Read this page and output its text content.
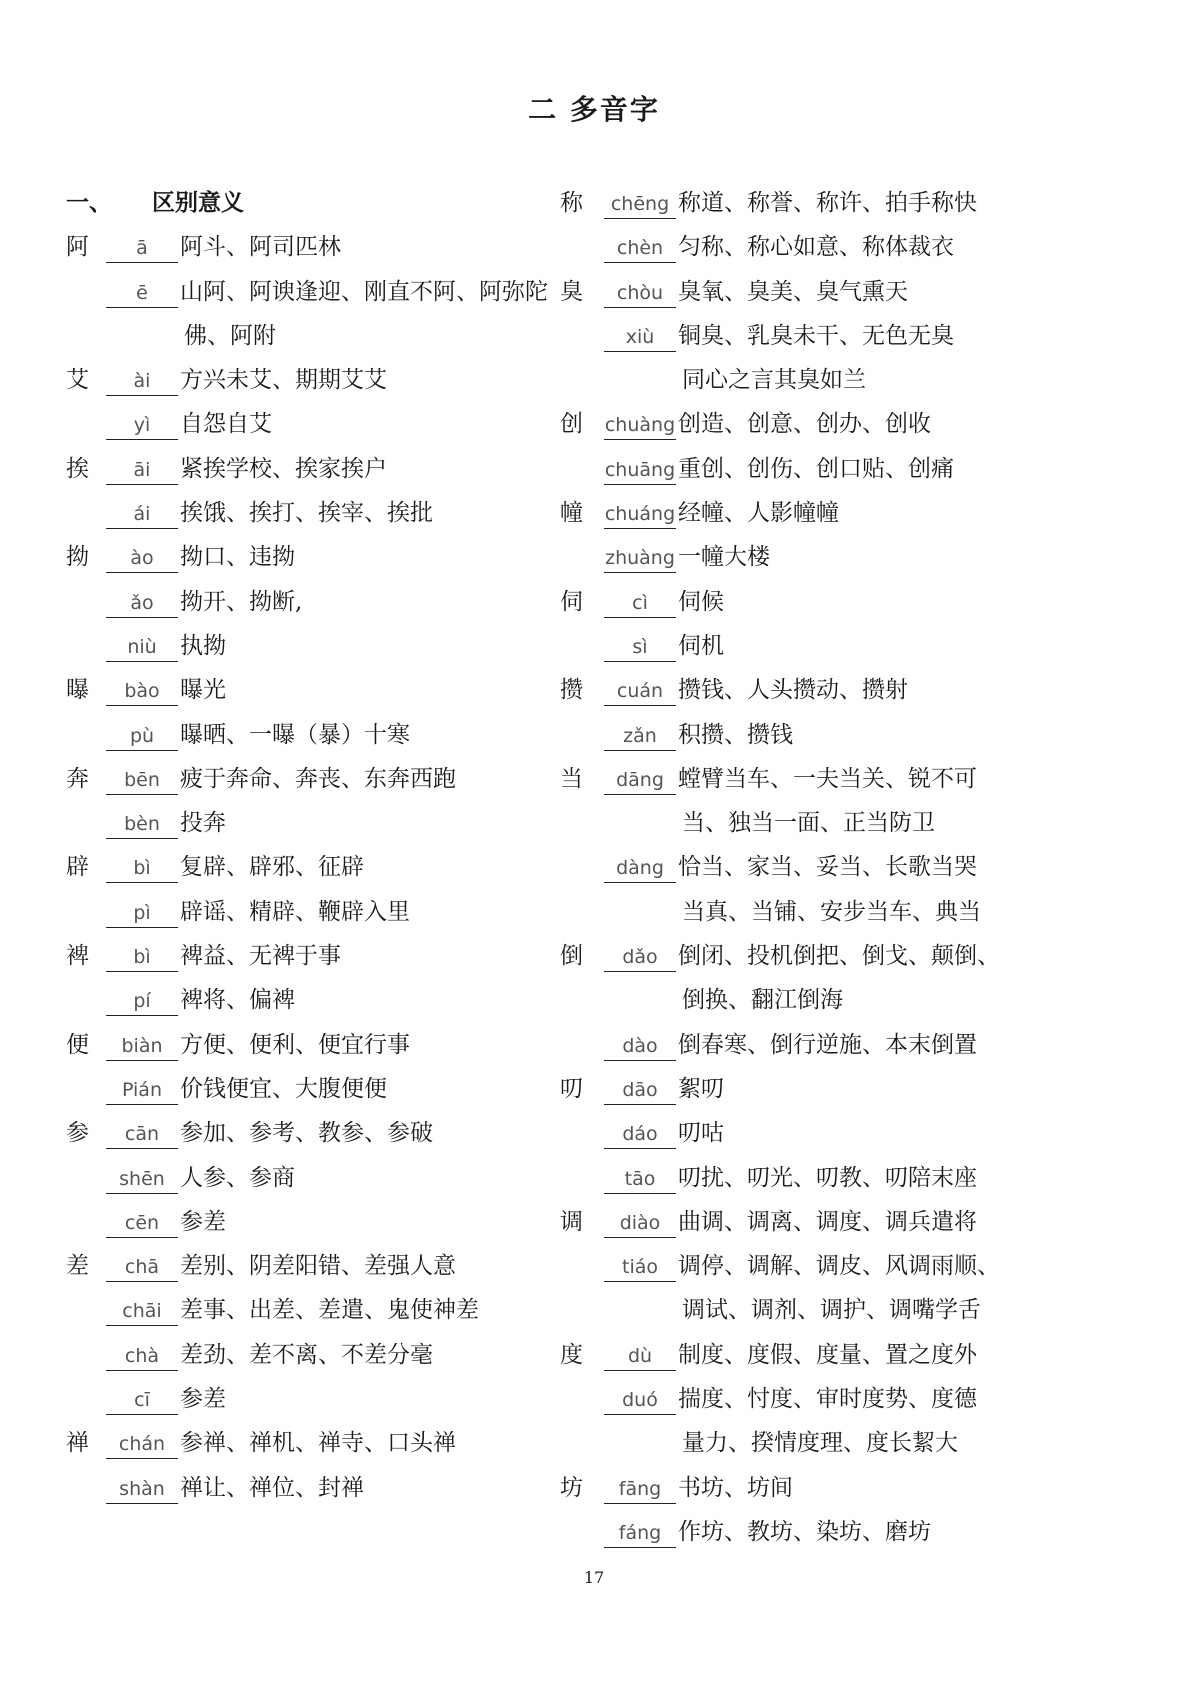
二 多音字
一、 区别意义
阿	ā	阿斗、阿司匹林
ē	山阿、阿谀逢迎、刚直不阿、阿弥陀
佛、阿附
艾	ài	方兴未艾、期期艾艾
yì	自怨自艾
挨	āi	紧挨学校、挨家挨户
ái	挨饿、挨打、挨宰、挨批
拗	ào	拗口、违拗
ǎo	拗开、拗断,
niù	执拗
曝	bào 曝光
pù	曝晒、一曝（暴）十寒
奔	bēn 疲于奔命、奔丧、东奔西跑
bèn 投奔
辟	bì	复辟、辟邪、征辟
pì	辟谣、精辟、鞭辟入里
裨	bì	裨益、无裨于事
pí	裨将、偏裨
便	biàn 方便、便利、便宜行事
Pián 价钱便宜、大腹便便
参	cān 参加、参考、教参、参破
shēn 人参、参商
cēn 参差
差	chā 差别、阴差阳错、差强人意
chāi 差事、出差、差遣、鬼使神差
chà 差劲、差不离、不差分毫
cī	参差
禅	chán 参禅、禅机、禅寺、口头禅
shàn 禅让、禅位、封禅
称	chēng 称道、称誉、称许、拍手称快
chèn 匀称、称心如意、称体裁衣
臭	chòu 臭氧、臭美、臭气熏天
xiù	铜臭、乳臭未干、无色无臭
同心之言其臭如兰
创	chuàng 创造、创意、创办、创收
chuāng 重创、创伤、创口贴、创痛
幢	chuáng 经幢、人影幢幢
zhuàng 一幢大楼
伺	cì	伺候
sì	伺机
攒	cuán 攒钱、人头攒动、攒射
zǎn 积攒、攒钱
当	dāng 螳臂当车、一夫当关、锐不可
当、独当一面、正当防卫
dàng 恰当、家当、妥当、长歌当哭
当真、当铺、安步当车、典当
倒	dǎo 倒闭、投机倒把、倒戈、颠倒、
倒换、翻江倒海
dào 倒春寒、倒行逆施、本末倒置
叨	dāo 絮叨
dáo 叨咕
tāo 叨扰、叨光、叨教、叨陪末座
调	diào 曲调、调离、调度、调兵遣将
tiáo 调停、调解、调皮、风调雨顺、
调试、调剂、调护、调嘴学舌
度	dù	制度、度假、度量、置之度外
duó 揣度、忖度、审时度势、度德
量力、揆情度理、度长絜大
坊	fāng 书坊、坊间
fáng 作坊、教坊、染坊、磨坊
17
